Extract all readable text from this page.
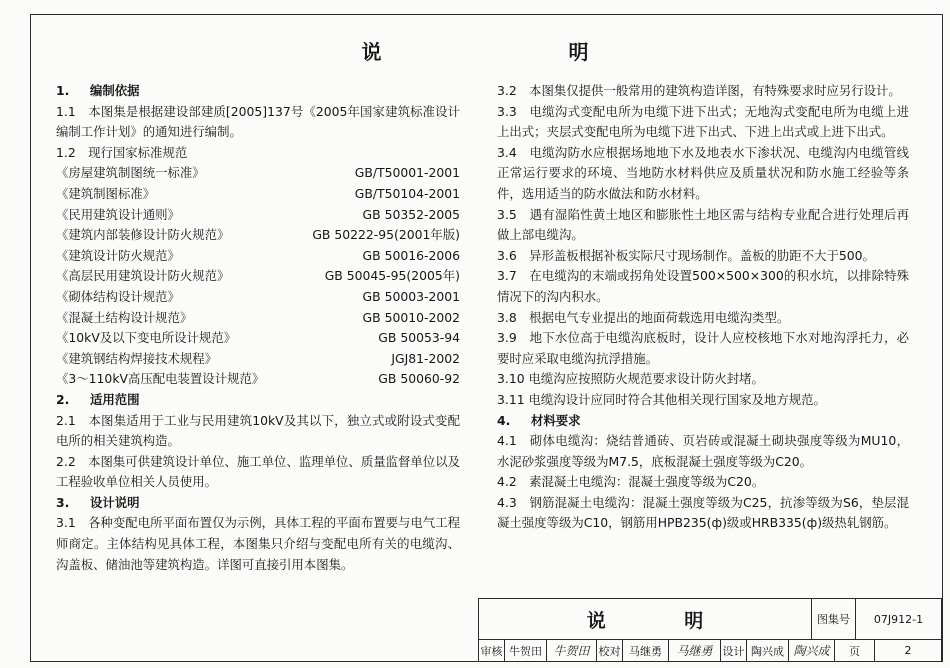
说 明
1. 编制依据
1.1　本图集是根据建设部建质[2005]137号《2005年国家建筑标准设计编制工作计划》的通知进行编制。
1.2　现行国家标准规范
《房屋建筑制图统一标准》	GB/T50001-2001
《建筑制图标准》	GB/T50104-2001
《民用建筑设计通则》	GB 50352-2005
《建筑内部装修设计防火规范》	GB 50222-95(2001年版)
《建筑设计防火规范》	GB 50016-2006
《高层民用建筑设计防火规范》	GB 50045-95(2005年)
《砌体结构设计规范》	GB 50003-2001
《混凝土结构设计规范》	GB 50010-2002
《10kV及以下变电所设计规范》	GB 50053-94
《建筑钢结构焊接技术规程》	JGJ81-2002
《3～110kV高压配电装置设计规范》	GB 50060-92
2. 适用范围
2.1　本图集适用于工业与民用建筑10kV及其以下，独立式或附设式变配电所的相关建筑构造。
2.2　本图集可供建筑设计单位、施工单位、监理单位、质量监督单位以及工程验收单位相关人员使用。
3. 设计说明
3.1　各种变配电所平面布置仅为示例，具体工程的平面布置要与电气工程师商定。主体结构见具体工程，本图集只介绍与变配电所有关的电缆沟、沟盖板、储油池等建筑构造。详图可直接引用本图集。
3.2　本图集仅提供一般常用的建筑构造详图，有特殊要求时应另行设计。
3.3　电缆沟式变配电所为电缆下进下出式；无地沟式变配电所为电缆上进上出式；夹层式变配电所为电缆下进下出式、下进上出式或上进下出式。
3.4　电缆沟防水应根据场地地下水及地表水下渗状况、电缆沟内电缆管线正常运行要求的环境、当地防水材料供应及质量状况和防水施工经验等条件，选用适当的防水做法和防水材料。
3.5　遇有湿陷性黄土地区和膨胀性土地区需与结构专业配合进行处理后再做上部电缆沟。
3.6　异形盖板根据补板实际尺寸现场制作。盖板的肋距不大于500。
3.7　在电缆沟的末端或拐角处设置500×500×300的积水坑，以排除特殊情况下的沟内积水。
3.8　根据电气专业提出的地面荷载选用电缆沟类型。
3.9　地下水位高于电缆沟底板时，设计人应校核地下水对地沟浮托力，必要时应采取电缆沟抗浮措施。
3.10 电缆沟应按照防火规范要求设计防火封堵。
3.11 电缆沟设计应同时符合其他相关现行国家及地方规范。
4. 材料要求
4.1　砌体电缆沟：烧结普通砖、页岩砖或混凝土砌块强度等级为MU10，水泥砂浆强度等级为M7.5，底板混凝土强度等级为C20。
4.2　素混凝土电缆沟：混凝土强度等级为C20。
4.3　钢筋混凝土电缆沟：混凝土强度等级为C25，抗渗等级为S6，垫层混凝土强度等级为C10，钢筋用HPB235(ф)级或HRB335(ф)级热轧钢筋。
说 明	图集号	07J912-1
审核 牛贺田 牛贺田 校对 马继勇	马继勇 设计 陶兴成 陶兴成	页	2
